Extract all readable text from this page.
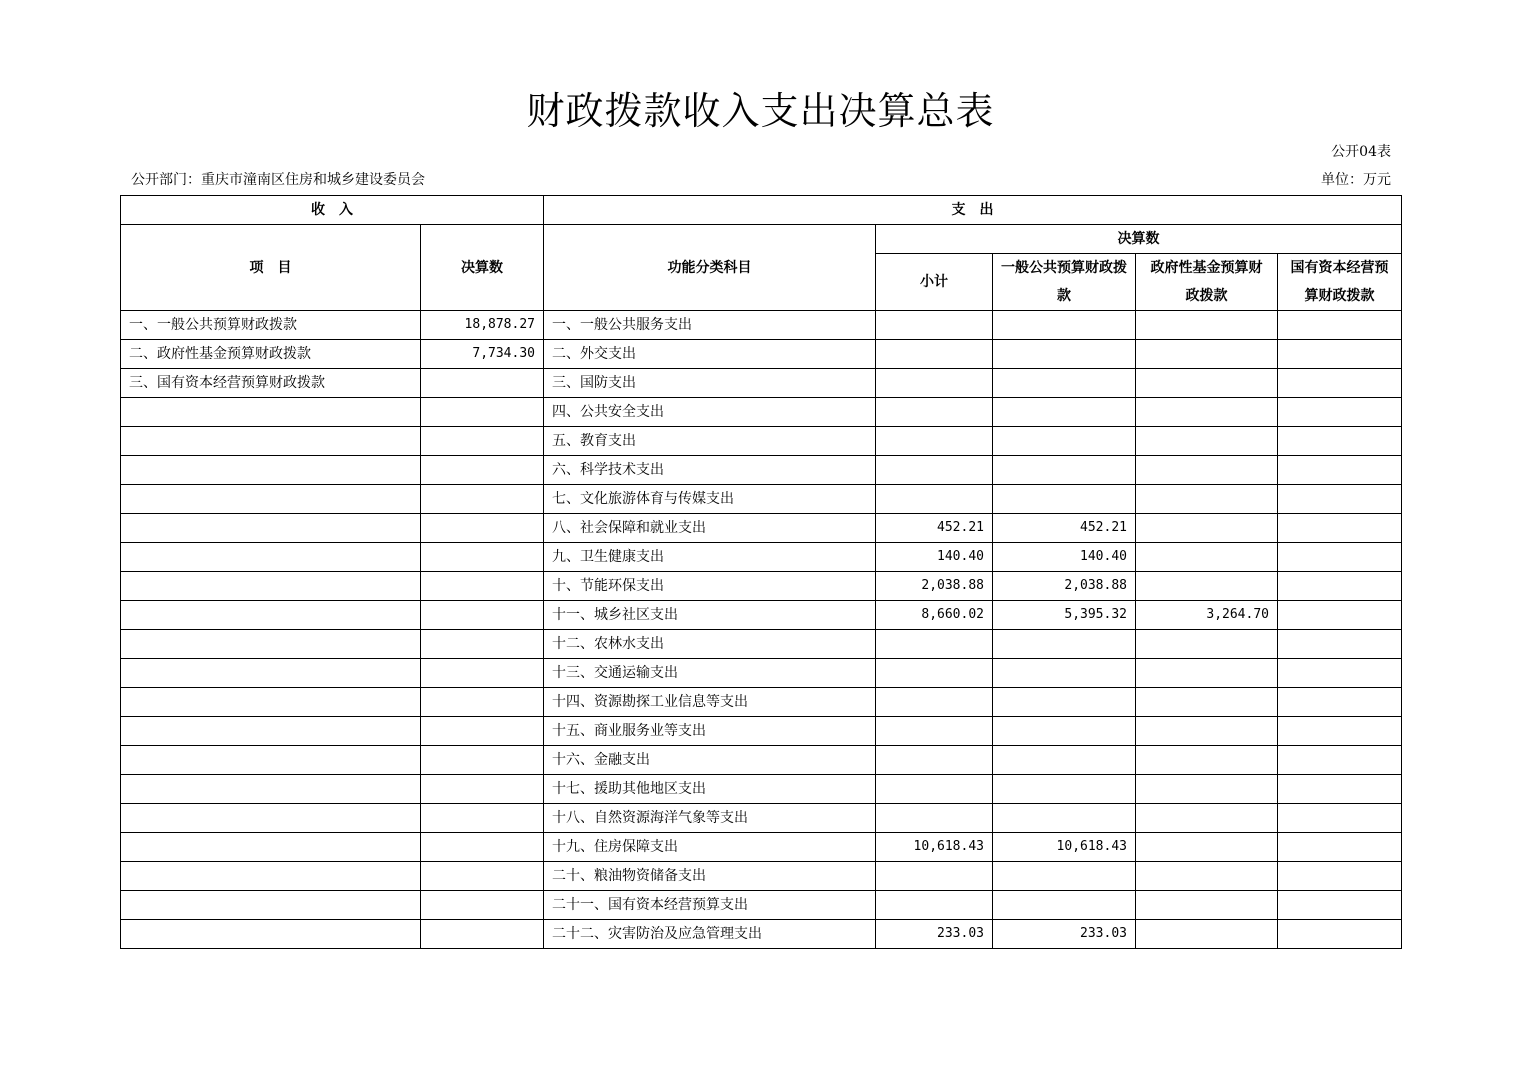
财政拨款收入支出决算总表
公开04表
公开部门：重庆市潼南区住房和城乡建设委员会	单位：万元
收　入		支　出				
项　目	决算数	功能分类科目	决算数			
			小计	一般公共预算财政拨款	政府性基金预算财政拨款	国有资本经营预算财政拨款
一、一般公共预算财政拨款	18,878.27	一、一般公共服务支出				
二、政府性基金预算财政拨款	7,734.30	二、外交支出				
三、国有资本经营预算财政拨款		三、国防支出				
		四、公共安全支出				
		五、教育支出				
		六、科学技术支出				
		七、文化旅游体育与传媒支出				
		八、社会保障和就业支出	452.21	452.21		
		九、卫生健康支出	140.40	140.40		
		十、节能环保支出	2,038.88	2,038.88		
		十一、城乡社区支出	8,660.02	5,395.32	3,264.70	
		十二、农林水支出				
		十三、交通运输支出				
		十四、资源勘探工业信息等支出				
		十五、商业服务业等支出				
		十六、金融支出				
		十七、援助其他地区支出				
		十八、自然资源海洋气象等支出				
		十九、住房保障支出	10,618.43	10,618.43		
		二十、粮油物资储备支出				
		二十一、国有资本经营预算支出				
		二十二、灾害防治及应急管理支出	233.03	233.03		
